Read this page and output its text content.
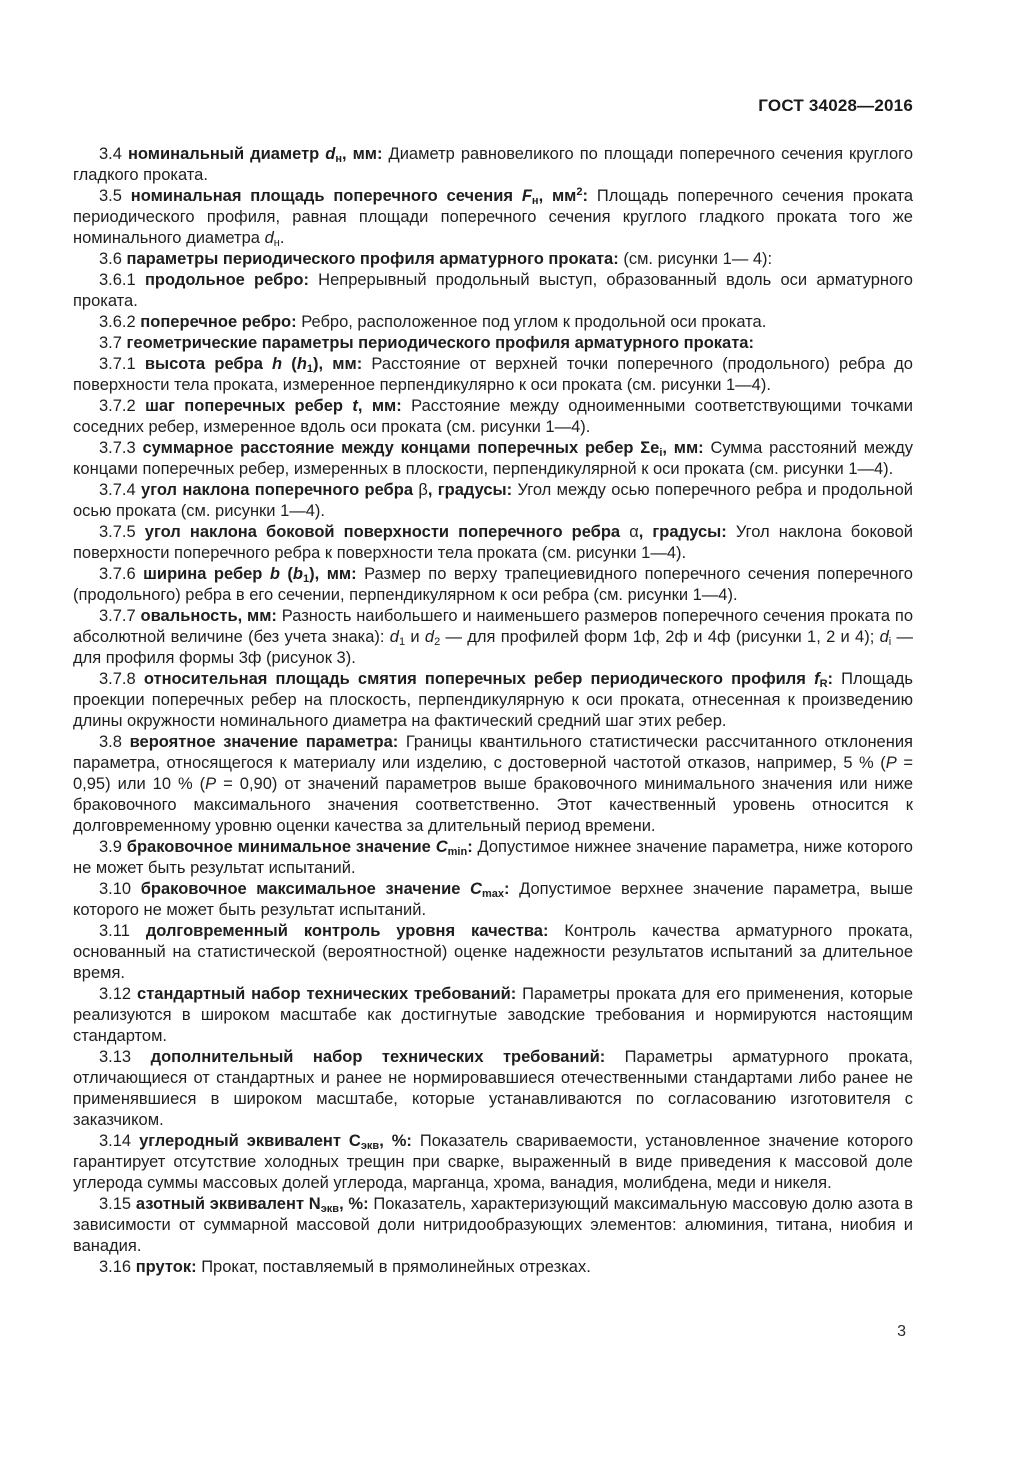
ГОСТ 34028—2016

3.4 номинальный диаметр dн, мм: Диаметр равновеликого по площади поперечного сечения круглого гладкого проката.

3.5 номинальная площадь поперечного сечения Fн, $мм^2$: Площадь поперечного сечения проката периодического профиля, равная площади поперечного сечения круглого гладкого проката того же номинального диаметра dн.

3.6 параметры периодического профиля арматурного проката: (см. рисунки 1— 4):

3.6.1 продольное ребро: Непрерывный продольный выступ, образованный вдоль оси арматурного проката.

3.6.2 поперечное ребро: Ребро, расположенное под углом к продольной оси проката.

3.7 геометрические параметры периодического профиля арматурного проката:

3.7.1 высота ребра h (h1), мм: Расстояние от верхней точки поперечного (продольного) ребра до поверхности тела проката, измеренное перпендикулярно к оси проката (см. рисунки 1—4).

3.7.2 шаг поперечных ребер t, мм: Расстояние между одноименными соответствующими точками соседних ребер, измеренное вдоль оси проката (см. рисунки 1—4).

3.7.3 суммарное расстояние между концами поперечных ребер Σеi, мм: Сумма расстояний между концами поперечных ребер, измеренных в плоскости, перпендикулярной к оси проката (см. рисунки 1—4).

3.7.4 угол наклона поперечного ребра β, градусы: Угол между осью поперечного ребра и продольной осью проката (см. рисунки 1—4).

3.7.5 угол наклона боковой поверхности поперечного ребра α, градусы: Угол наклона боковой поверхности поперечного ребра к поверхности тела проката (см. рисунки 1—4).

3.7.6 ширина ребер b (b1), мм: Размер по верху трапециевидного поперечного сечения поперечного (продольного) ребра в его сечении, перпендикулярном к оси ребра (см. рисунки 1—4).

3.7.7 овальность, мм: Разность наибольшего и наименьшего размеров поперечного сечения проката по абсолютной величине (без учета знака): d1 и d2 — для профилей форм 1ф, 2ф и 4ф (рисунки 1, 2 и 4); di — для профиля формы 3ф (рисунок 3).

3.7.8 относительная площадь смятия поперечных ребер периодического профиля fR: Площадь проекции поперечных ребер на плоскость, перпендикулярную к оси проката, отнесенная к произведению длины окружности номинального диаметра на фактический средний шаг этих ребер.

3.8 вероятное значение параметра: Границы квантильного статистически рассчитанного отклонения параметра, относящегося к материалу или изделию, с достоверной частотой отказов, например, 5 % (P = 0,95) или 10 % (P = 0,90) от значений параметров выше браковочного минимального значения или ниже браковочного максимального значения соответственно. Этот качественный уровень относится к долговременному уровню оценки качества за длительный период времени.

3.9 браковочное минимальное значение Cmin: Допустимое нижнее значение параметра, ниже которого не может быть результат испытаний.

3.10 браковочное максимальное значение Cmax: Допустимое верхнее значение параметра, выше которого не может быть результат испытаний.

3.11 долговременный контроль уровня качества: Контроль качества арматурного проката, основанный на статистической (вероятностной) оценке надежности результатов испытаний за длительное время.

3.12 стандартный набор технических требований: Параметры проката для его применения, которые реализуются в широком масштабе как достигнутые заводские требования и нормируются настоящим стандартом.

3.13 дополнительный набор технических требований: Параметры арматурного проката, отличающиеся от стандартных и ранее не нормировавшиеся отечественными стандартами либо ранее не применявшиеся в широком масштабе, которые устанавливаются по согласованию изготовителя с заказчиком.

3.14 углеродный эквивалент Сэкв, %: Показатель свариваемости, установленное значение которого гарантирует отсутствие холодных трещин при сварке, выраженный в виде приведения к массовой доле углерода суммы массовых долей углерода, марганца, хрома, ванадия, молибдена, меди и никеля.

3.15 азотный эквивалент Nэкв, %: Показатель, характеризующий максимальную массовую долю азота в зависимости от суммарной массовой доли нитридообразующих элементов: алюминия, титана, ниобия и ванадия.

3.16 пруток: Прокат, поставляемый в прямолинейных отрезках.

3
